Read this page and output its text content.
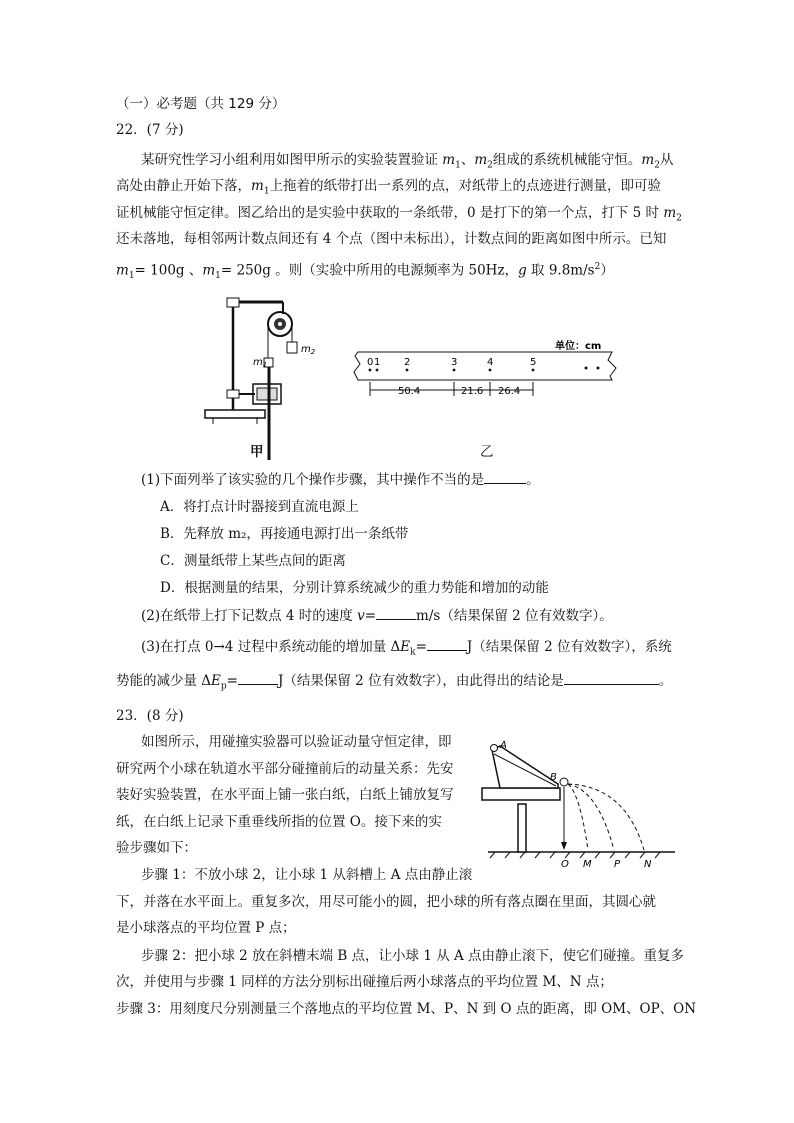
（一）必考题（共 129 分）
22．(7 分)
某研究性学习小组利用如图甲所示的实验装置验证 $m_1$、$m_2$组成的系统机械能守恒。$m_2$从
高处由静止开始下落，$m_1$上拖着的纸带打出一系列的点，对纸带上的点迹进行测量，即可验
证机械能守恒定律。图乙给出的是实验中获取的一条纸带，0 是打下的第一个点，打下 5 时 $m_2$
还未落地，每相邻两计数点间还有 4 个点（图中未标出），计数点间的距离如图中所示。已知
$m_1= 100g$ 、$m_1= 250g$ 。则（实验中所用的电源频率为 50Hz，g 取 $9.8m/s^2$）
$m_2$
$m_1$
甲
单位：cm
0 1 2	3	4	5
50.4	21.6 26.4
乙
(1)下面列举了该实验的几个操作步骤，其中操作不当的是	。
A．将打点计时器接到直流电源上
B．先释放 m₂，再接通电源打出一条纸带
C．测量纸带上某些点间的距离
D．根据测量的结果，分别计算系统减少的重力势能和增加的动能
(2)在纸带上打下记数点 4 时的速度 v=	m/s（结果保留 2 位有效数字）。
(3)在打点 0→4 过程中系统动能的增加量 $\Delta E_k=$	J（结果保留 2 位有效数字），系统
势能的减少量 $\Delta E_p=$	J（结果保留 2 位有效数字），由此得出的结论是	。
23．(8 分)
如图所示，用碰撞实验器可以验证动量守恒定律，即
研究两个小球在轨道水平部分碰撞前后的动量关系：先安
装好实验装置，在水平面上铺一张白纸，白纸上铺放复写
纸，在白纸上记录下重垂线所指的位置 O。接下来的实
验步骤如下：
步骤 1：不放小球 2，让小球 1 从斜槽上 A 点由静止滚
下，并落在水平面上。重复多次，用尽可能小的圆，把小球的所有落点圈在里面，其圆心就
是小球落点的平均位置 P 点；
步骤 2：把小球 2 放在斜槽末端 B 点，让小球 1 从 A 点由静止滚下，使它们碰撞。重复多
次，并使用与步骤 1 同样的方法分别标出碰撞后两小球落点的平均位置 M、N 点；
步骤 3：用刻度尺分别测量三个落地点的平均位置 M、P、N 到 O 点的距离，即 OM、OP、ON
A
B
O M P N
